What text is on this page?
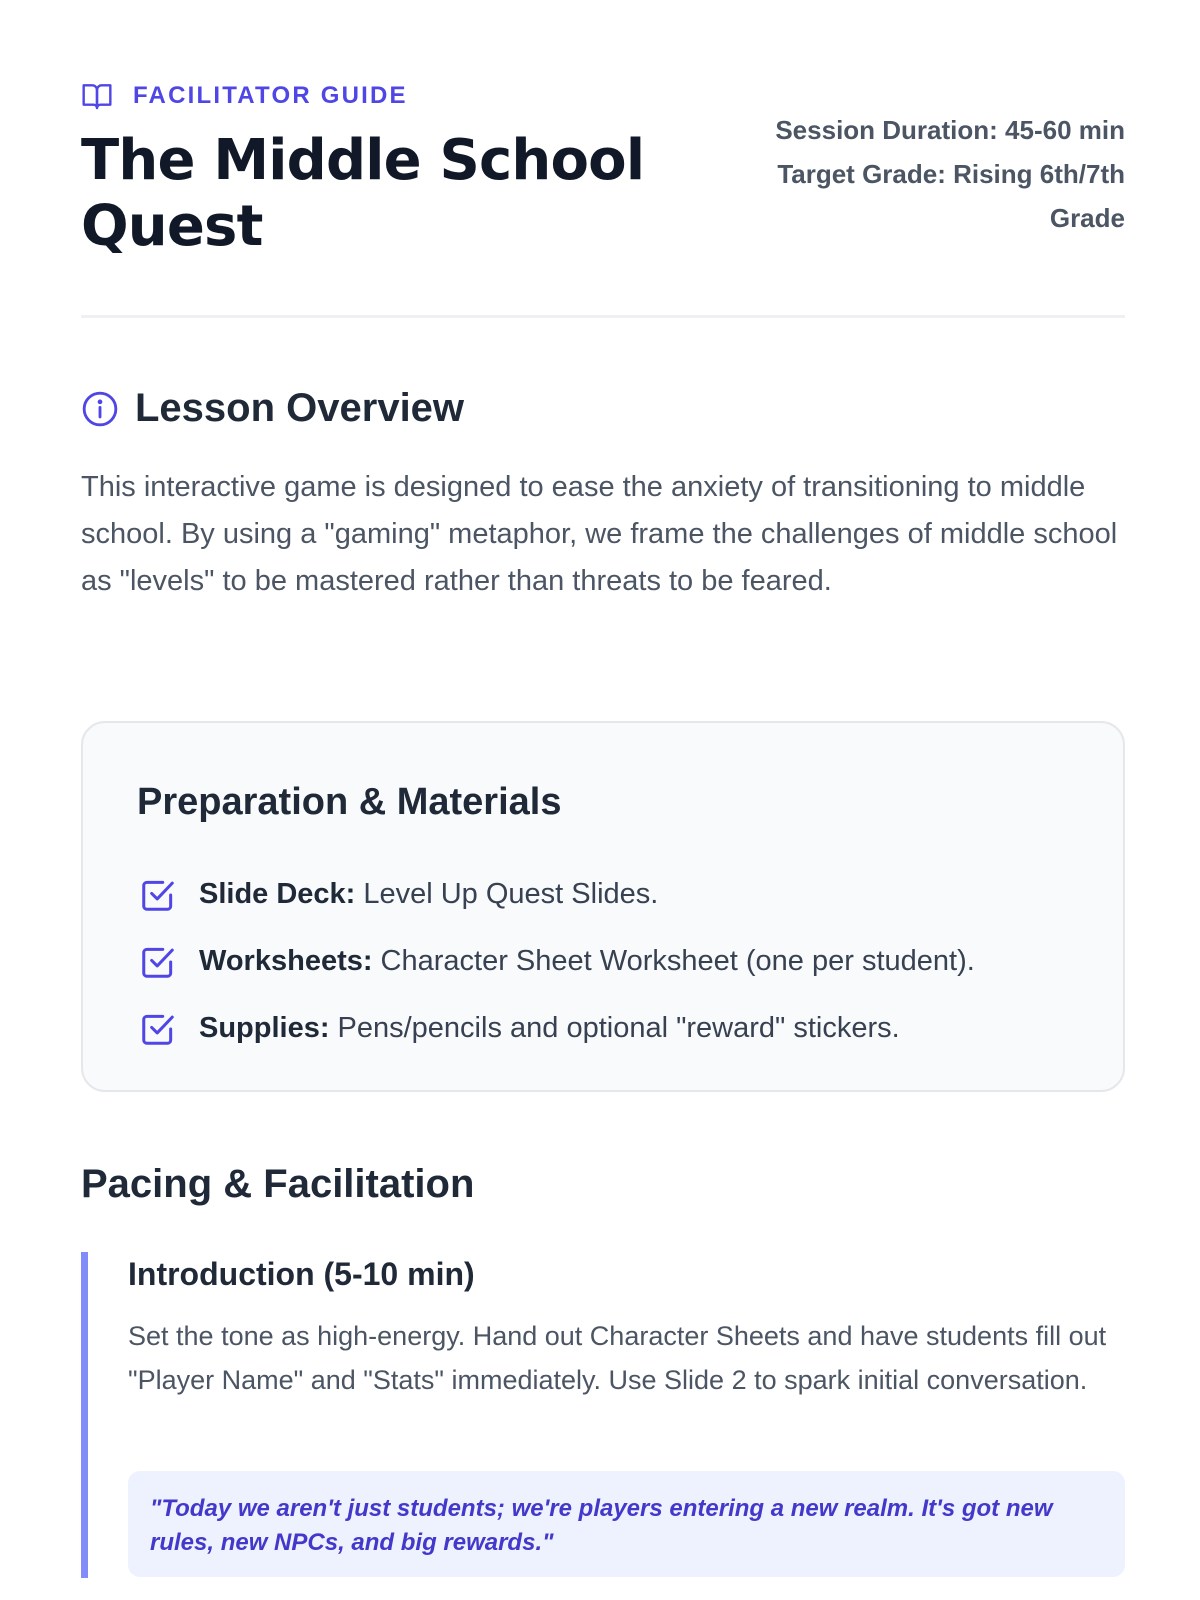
FACILITATOR GUIDE
The Middle School Quest
Session Duration: 45-60 min
Target Grade: Rising 6th/7th Grade
Lesson Overview

This interactive game is designed to ease the anxiety of transitioning to middle school. By using a "gaming" metaphor, we frame the challenges of middle school as "levels" to be mastered rather than threats to be feared.

Preparation & Materials
Slide Deck: Level Up Quest Slides.
Worksheets: Character Sheet Worksheet (one per student).
Supplies: Pens/pencils and optional "reward" stickers.
Pacing & Facilitation
Introduction (5-10 min)

Set the tone as high-energy. Hand out Character Sheets and have students fill out "Player Name" and "Stats" immediately. Use Slide 2 to spark initial conversation.

"Today we aren't just students; we're players entering a new realm. It's got new rules, new NPCs, and big rewards."
